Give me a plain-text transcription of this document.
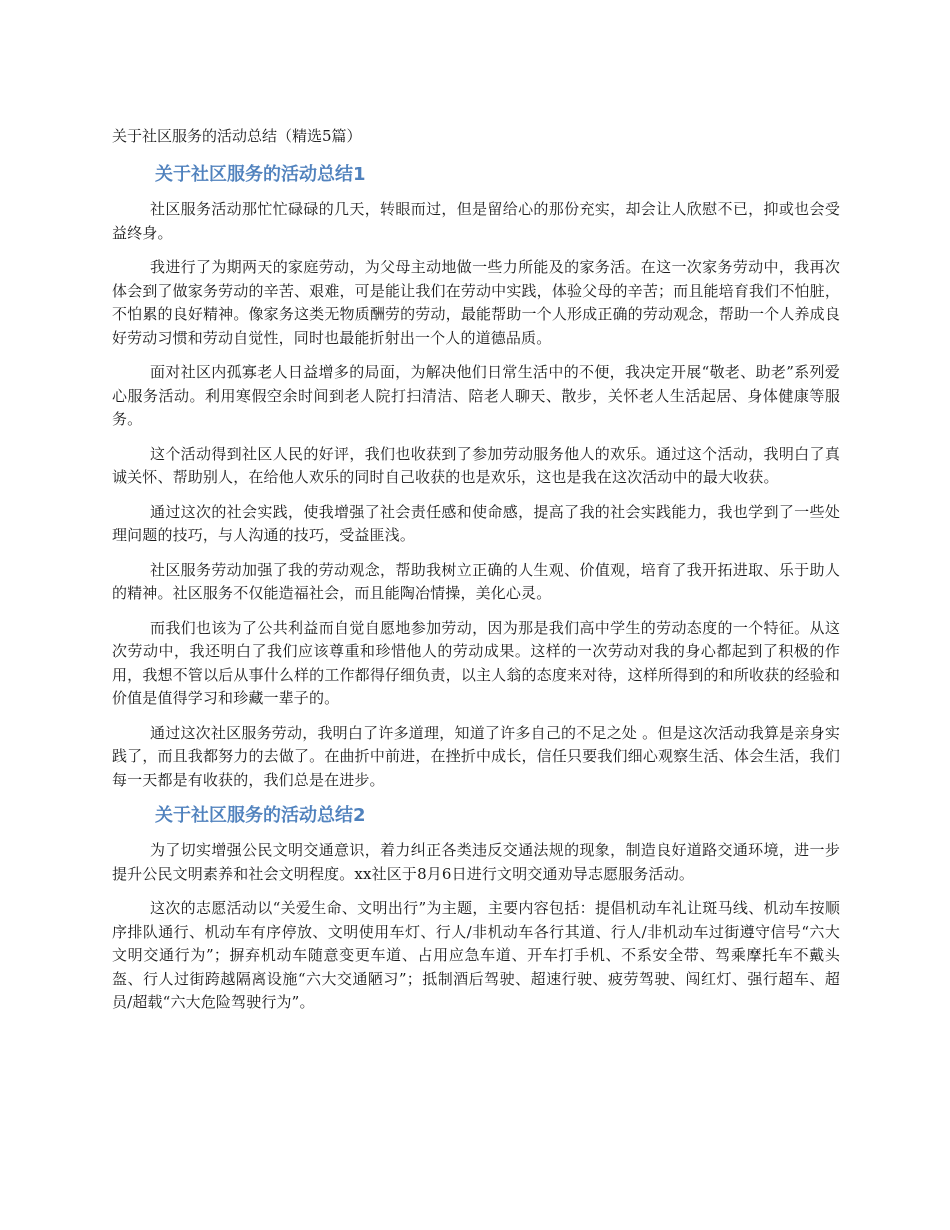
关于社区服务的活动总结（精选5篇）
关于社区服务的活动总结1

社区服务活动那忙忙碌碌的几天，转眼而过，但是留给心的那份充实，却会让人欣慰不已，抑或也会受益终身。

我进行了为期两天的家庭劳动，为父母主动地做一些力所能及的家务活。在这一次家务劳动中，我再次体会到了做家务劳动的辛苦、艰难，可是能让我们在劳动中实践，体验父母的辛苦；而且能培育我们不怕脏，不怕累的良好精神。像家务这类无物质酬劳的劳动，最能帮助一个人形成正确的劳动观念，帮助一个人养成良好劳动习惯和劳动自觉性，同时也最能折射出一个人的道德品质。

面对社区内孤寡老人日益增多的局面，为解决他们日常生活中的不便，我决定开展“敬老、助老”系列爱心服务活动。利用寒假空余时间到老人院打扫清洁、陪老人聊天、散步，关怀老人生活起居、身体健康等服务。

这个活动得到社区人民的好评，我们也收获到了参加劳动服务他人的欢乐。通过这个活动，我明白了真诚关怀、帮助别人，在给他人欢乐的同时自己收获的也是欢乐，这也是我在这次活动中的最大收获。

通过这次的社会实践，使我增强了社会责任感和使命感，提高了我的社会实践能力，我也学到了一些处理问题的技巧，与人沟通的技巧，受益匪浅。

社区服务劳动加强了我的劳动观念，帮助我树立正确的人生观、价值观，培育了我开拓进取、乐于助人的精神。社区服务不仅能造福社会，而且能陶冶情操，美化心灵。

而我们也该为了公共利益而自觉自愿地参加劳动，因为那是我们高中学生的劳动态度的一个特征。从这次劳动中，我还明白了我们应该尊重和珍惜他人的劳动成果。这样的一次劳动对我的身心都起到了积极的作用，我想不管以后从事什么样的工作都得仔细负责，以主人翁的态度来对待，这样所得到的和所收获的经验和价值是值得学习和珍藏一辈子的。

通过这次社区服务劳动，我明白了许多道理，知道了许多自己的不足之处 。但是这次活动我算是亲身实践了，而且我都努力的去做了。在曲折中前进，在挫折中成长，信任只要我们细心观察生活、体会生活，我们每一天都是有收获的，我们总是在进步。

关于社区服务的活动总结2

为了切实增强公民文明交通意识，着力纠正各类违反交通法规的现象，制造良好道路交通环境，进一步提升公民文明素养和社会文明程度。xx社区于8月6日进行文明交通劝导志愿服务活动。

这次的志愿活动以“关爱生命、文明出行”为主题，主要内容包括：提倡机动车礼让斑马线、机动车按顺序排队通行、机动车有序停放、文明使用车灯、行人/非机动车各行其道、行人/非机动车过街遵守信号“六大文明交通行为”；摒弃机动车随意变更车道、占用应急车道、开车打手机、不系安全带、驾乘摩托车不戴头盔、行人过街跨越隔离设施“六大交通陋习”；抵制酒后驾驶、超速行驶、疲劳驾驶、闯红灯、强行超车、超员/超载“六大危险驾驶行为”。
